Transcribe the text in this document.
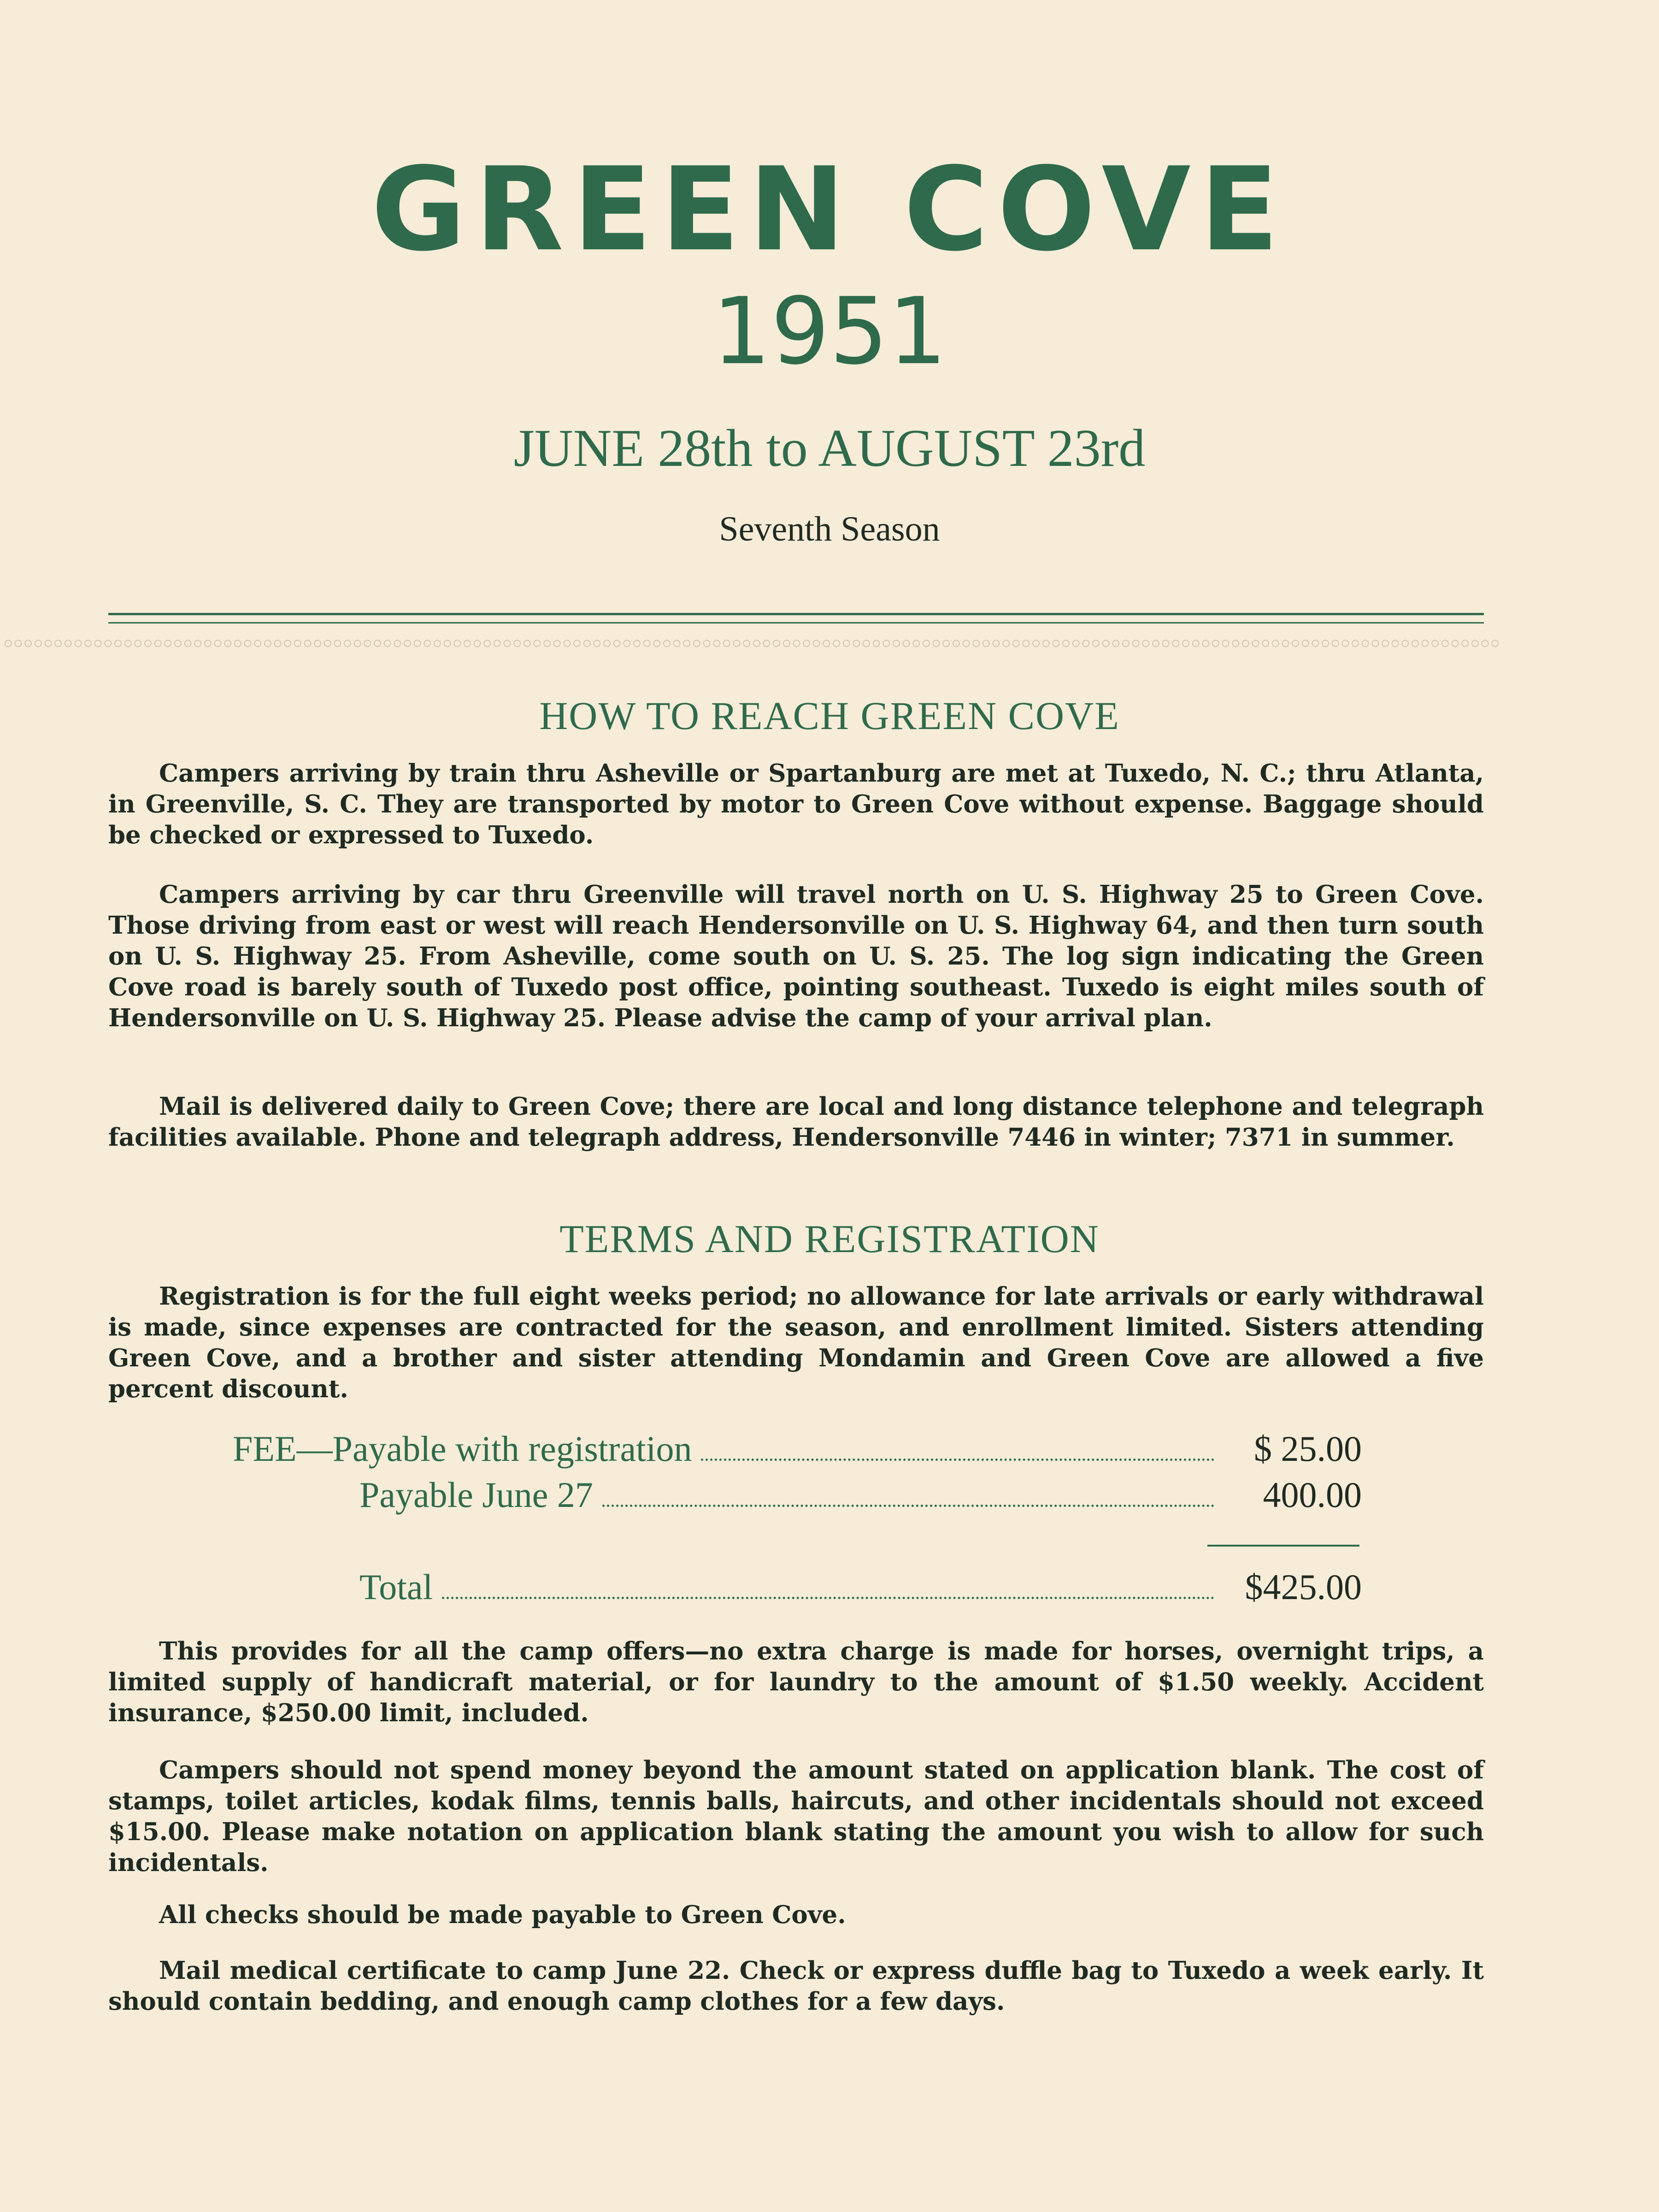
GREEN COVE
1951
JUNE 28th to AUGUST 23rd
Seventh Season
○○○○○○○○○○○○○○○○○○○○○○○○○○○○○○○○○○○○○○○○○○○○○○○○○○○○○○○○○○○○○○○○○○○○○○○○○○○○○○○○○○○○○○○○○○○○○○○○○○○○○○○○○○○○○○○○○○○○○○○○○○○○○○○○○○○○○○○○○○○○○○○○○○○○○○
HOW TO REACH GREEN COVE
Campers arriving by train thru Asheville or Spartanburg are met at Tuxedo, N. C.; thru Atlanta, in Greenville, S. C. They are transported by motor to Green Cove without expense. Baggage should be checked or expressed to Tuxedo.
Campers arriving by car thru Greenville will travel north on U. S. Highway 25 to Green Cove. Those driving from east or west will reach Hendersonville on U. S. Highway 64, and then turn south on U. S. Highway 25. From Asheville, come south on U. S. 25. The log sign indicating the Green Cove road is barely south of Tuxedo post office, pointing southeast. Tuxedo is eight miles south of Hendersonville on U. S. Highway 25. Please advise the camp of your arrival plan.
Mail is delivered daily to Green Cove; there are local and long distance telephone and telegraph facilities available. Phone and telegraph address, Hendersonville 7446 in winter; 7371 in summer.
TERMS AND REGISTRATION
Registration is for the full eight weeks period; no allowance for late arrivals or early withdrawal is made, since expenses are contracted for the season, and enrollment limited. Sisters attending Green Cove, and a brother and sister attending Mondamin and Green Cove are allowed a five percent discount.
FEE—Payable with registration	$ 25.00
Payable June 27	400.00
Total	$425.00
This provides for all the camp offers—no extra charge is made for horses, overnight trips, a limited supply of handicraft material, or for laundry to the amount of $1.50 weekly. Accident insurance, $250.00 limit, included.
Campers should not spend money beyond the amount stated on application blank. The cost of stamps, toilet articles, kodak films, tennis balls, haircuts, and other incidentals should not exceed $15.00. Please make notation on application blank stating the amount you wish to allow for such incidentals.
All checks should be made payable to Green Cove.
Mail medical certificate to camp June 22. Check or express duffle bag to Tuxedo a week early. It should contain bedding, and enough camp clothes for a few days.
